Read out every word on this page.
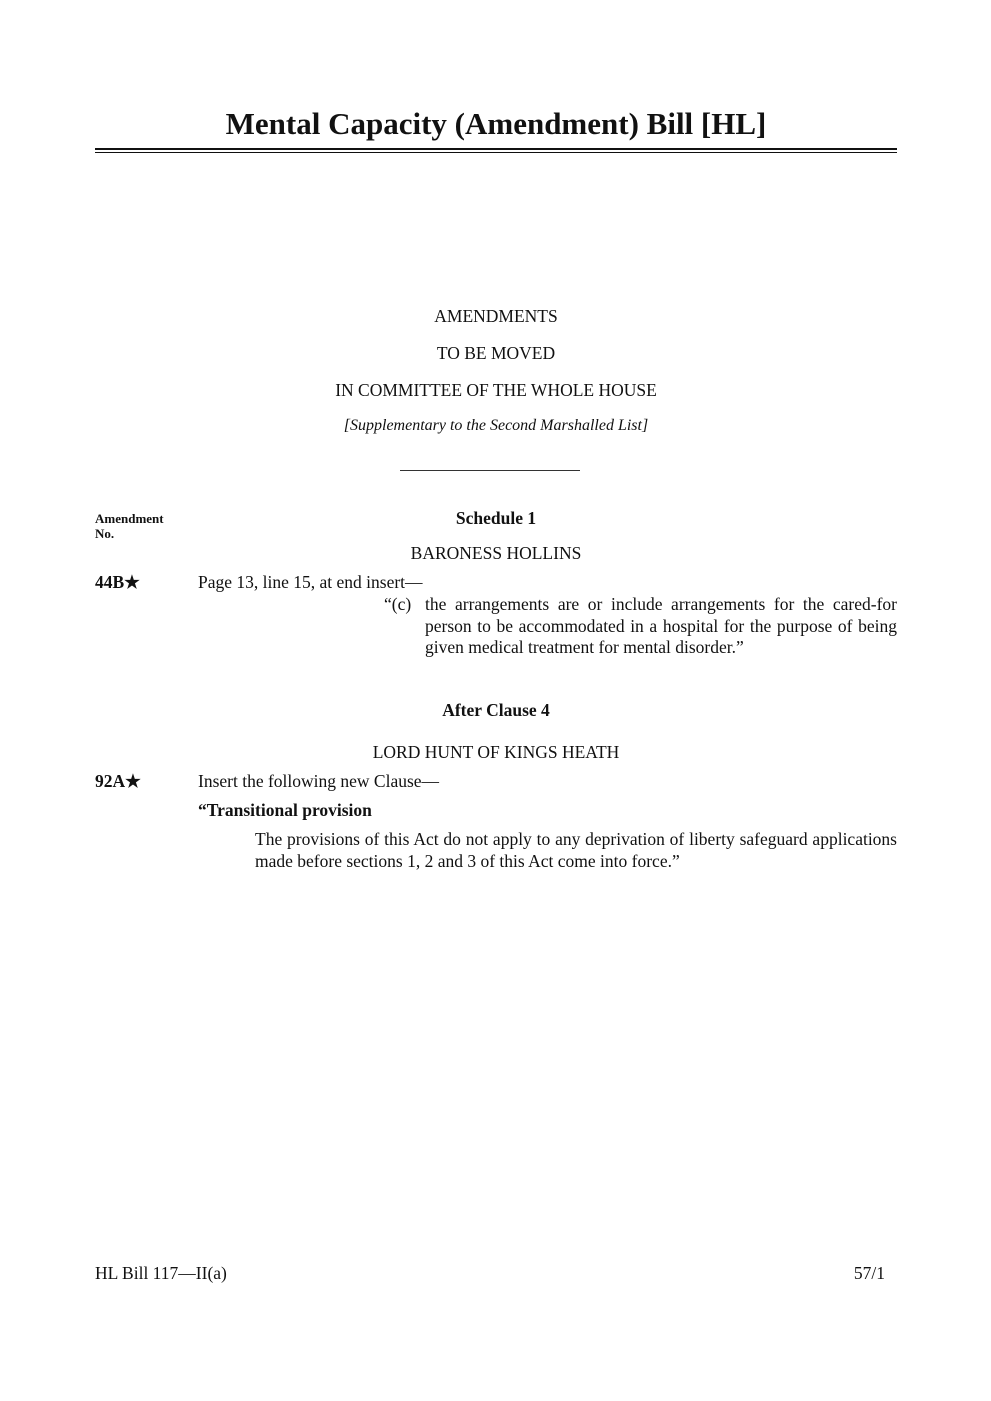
Mental Capacity (Amendment) Bill [HL]
AMENDMENTS
TO BE MOVED
IN COMMITTEE OF THE WHOLE HOUSE
[Supplementary to the Second Marshalled List]
Amendment No.
Schedule 1
BARONESS HOLLINS
44B★	Page 13, line 15, at end insert—
“(c) the arrangements are or include arrangements for the cared-for person to be accommodated in a hospital for the purpose of being given medical treatment for mental disorder.”
After Clause 4
LORD HUNT OF KINGS HEATH
92A★	Insert the following new Clause—
“Transitional provision
The provisions of this Act do not apply to any deprivation of liberty safeguard applications made before sections 1, 2 and 3 of this Act come into force.”
HL Bill 117—II(a)	57/1
